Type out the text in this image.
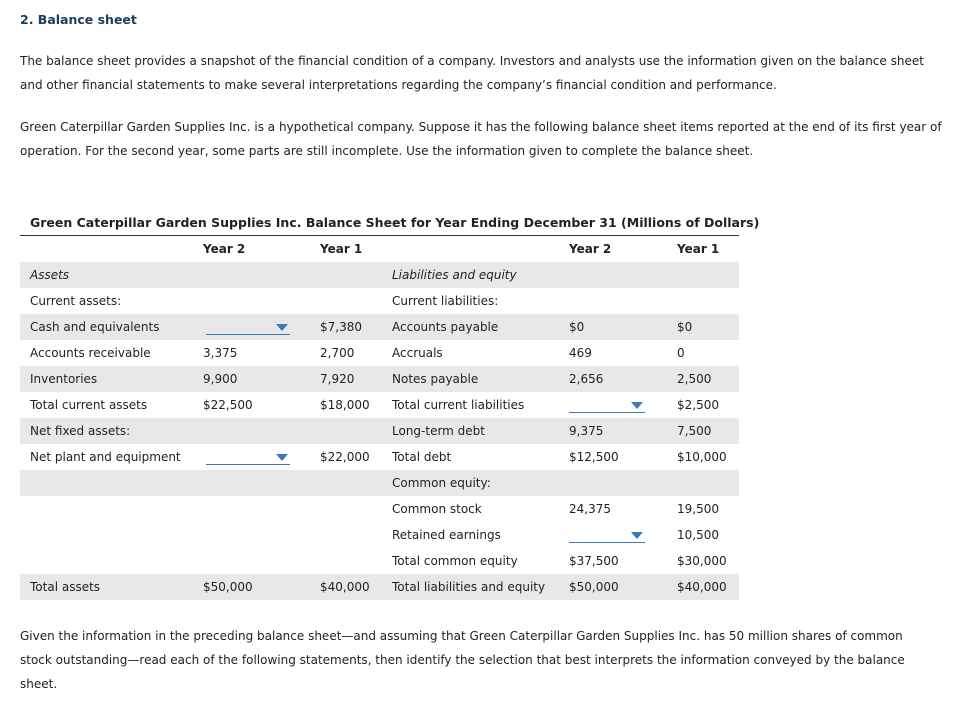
2. Balance sheet

The balance sheet provides a snapshot of the financial condition of a company. Investors and analysts use the information given on the balance sheet and other financial statements to make several interpretations regarding the company’s financial condition and performance.

Green Caterpillar Garden Supplies Inc. is a hypothetical company. Suppose it has the following balance sheet items reported at the end of its first year of operation. For the second year, some parts are still incomplete. Use the information given to complete the balance sheet.

Green Caterpillar Garden Supplies Inc. Balance Sheet for Year Ending December 31 (Millions of Dollars)
	Year 2	Year 1		Year 2	Year 1
Assets			Liabilities and equity		
Current assets:			Current liabilities:		
Cash and equivalents		$7,380	Accounts payable	$0	$0
Accounts receivable	3,375	2,700	Accruals	469	0
Inventories	9,900	7,920	Notes payable	2,656	2,500
Total current assets	$22,500	$18,000	Total current liabilities		$2,500
Net fixed assets:			Long-term debt	9,375	7,500
Net plant and equipment		$22,000	Total debt	$12,500	$10,000
			Common equity:		
			Common stock	24,375	19,500
			Retained earnings		10,500
			Total common equity	$37,500	$30,000
Total assets	$50,000	$40,000	Total liabilities and equity	$50,000	$40,000

Given the information in the preceding balance sheet—and assuming that Green Caterpillar Garden Supplies Inc. has 50 million shares of common stock outstanding—read each of the following statements, then identify the selection that best interprets the information conveyed by the balance sheet.
